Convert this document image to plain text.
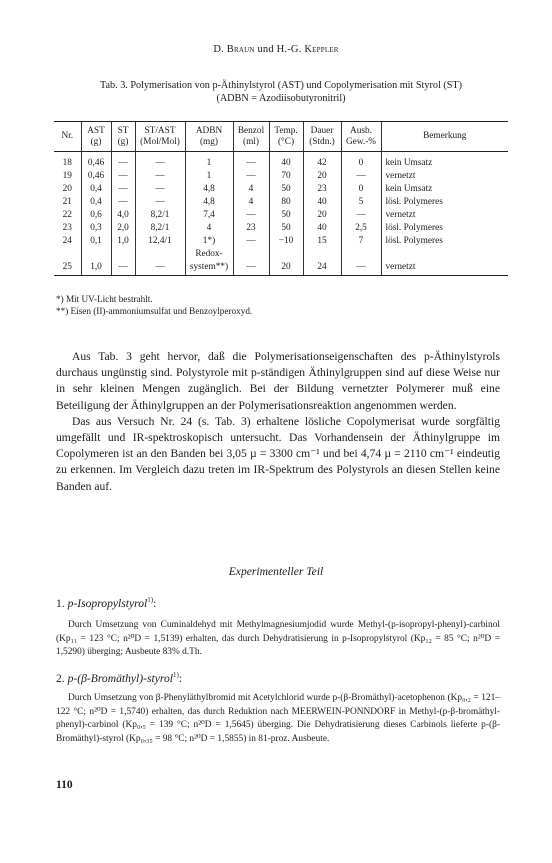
D. Braun und H.-G. Keppler
Tab. 3. Polymerisation von p-Äthinylstyrol (AST) und Copolymerisation mit Styrol (ST)
(ADBN = Azodiisobutyronitril)
Nr.	AST (g)	ST (g)	ST/AST (Mol/Mol)	ADBN (mg)	Benzol (ml)	Temp. (°C)	Dauer (Stdn.)	Ausb. Gew.-%	Bemerkung
18	0,46	—	—	1	—	40	42	0	kein Umsatz
19	0,46	—	—	1	—	70	20	—	vernetzt
20	0,4	—	—	4,8	4	50	23	0	kein Umsatz
21	0,4	—	—	4,8	4	80	40	5	lösl. Polymeres
22	0,6	4,0	8,2/1	7,4	—	50	20	—	vernetzt
23	0,3	2,0	8,2/1	4	23	50	40	2,5	lösl. Polymeres
24	0,1	1,0	12,4/1	1*)	—	−10	15	7	lösl. Polymeres
				Redox-					
25	1,0	—	—	system**)	—	20	24	—	vernetzt
*) Mit UV-Licht bestrahlt.
**) Eisen (II)-ammoniumsulfat und Benzoylperoxyd.

Aus Tab. 3 geht hervor, daß die Polymerisationseigenschaften des p-Äthinylstyrols durchaus ungünstig sind. Polystyrole mit p-ständigen Äthinylgruppen sind auf diese Weise nur in sehr kleinen Mengen zugänglich. Bei der Bildung vernetzter Polymerer muß eine Beteiligung der Äthinylgruppen an der Polymerisationsreaktion angenommen werden.

Das aus Versuch Nr. 24 (s. Tab. 3) erhaltene lösliche Copolymerisat wurde sorgfältig umgefällt und IR-spektroskopisch untersucht. Das Vorhandensein der Äthinylgruppe im Copolymeren ist an den Banden bei 3,05 µ = 3300 cm⁻¹ und bei 4,74 µ = 2110 cm⁻¹ eindeutig zu erkennen. Im Vergleich dazu treten im IR-Spektrum des Polystyrols an diesen Stellen keine Banden auf.

Experimenteller Teil
1. p-Isopropylstyrol$^{1)}$:

Durch Umsetzung von Cuminaldehyd mit Methylmagnesiumjodid wurde Methyl-(p-isopropyl-phenyl)-carbinol (Kp₁₁ = 123 °C; n²⁰D = 1,5139) erhalten, das durch Dehydratisierung in p-Isopropylstyrol (Kp₁₂ = 85 °C; n²⁰D = 1,5290) überging; Ausbeute 83% d.Th.

2. p-(β-Bromäthyl)-styrol$^{1)}$:

Durch Umsetzung von β-Phenyläthylbromid mit Acetylchlorid wurde p-(β-Bromäthyl)-acetophenon (Kp₀,₂ = 121–122 °C; n²⁰D = 1,5740) erhalten, das durch Reduktion nach MEERWEIN-PONNDORF in Methyl-(p-β-bromäthyl-phenyl)-carbinol (Kp₀,₅ = 139 °C; n²⁰D = 1,5645) überging. Die Dehydratisierung dieses Carbinols lieferte p-(β-Bromäthyl)-styrol (Kp₀,₃₅ = 98 °C; n²⁰D = 1,5855) in 81-proz. Ausbeute.

110
